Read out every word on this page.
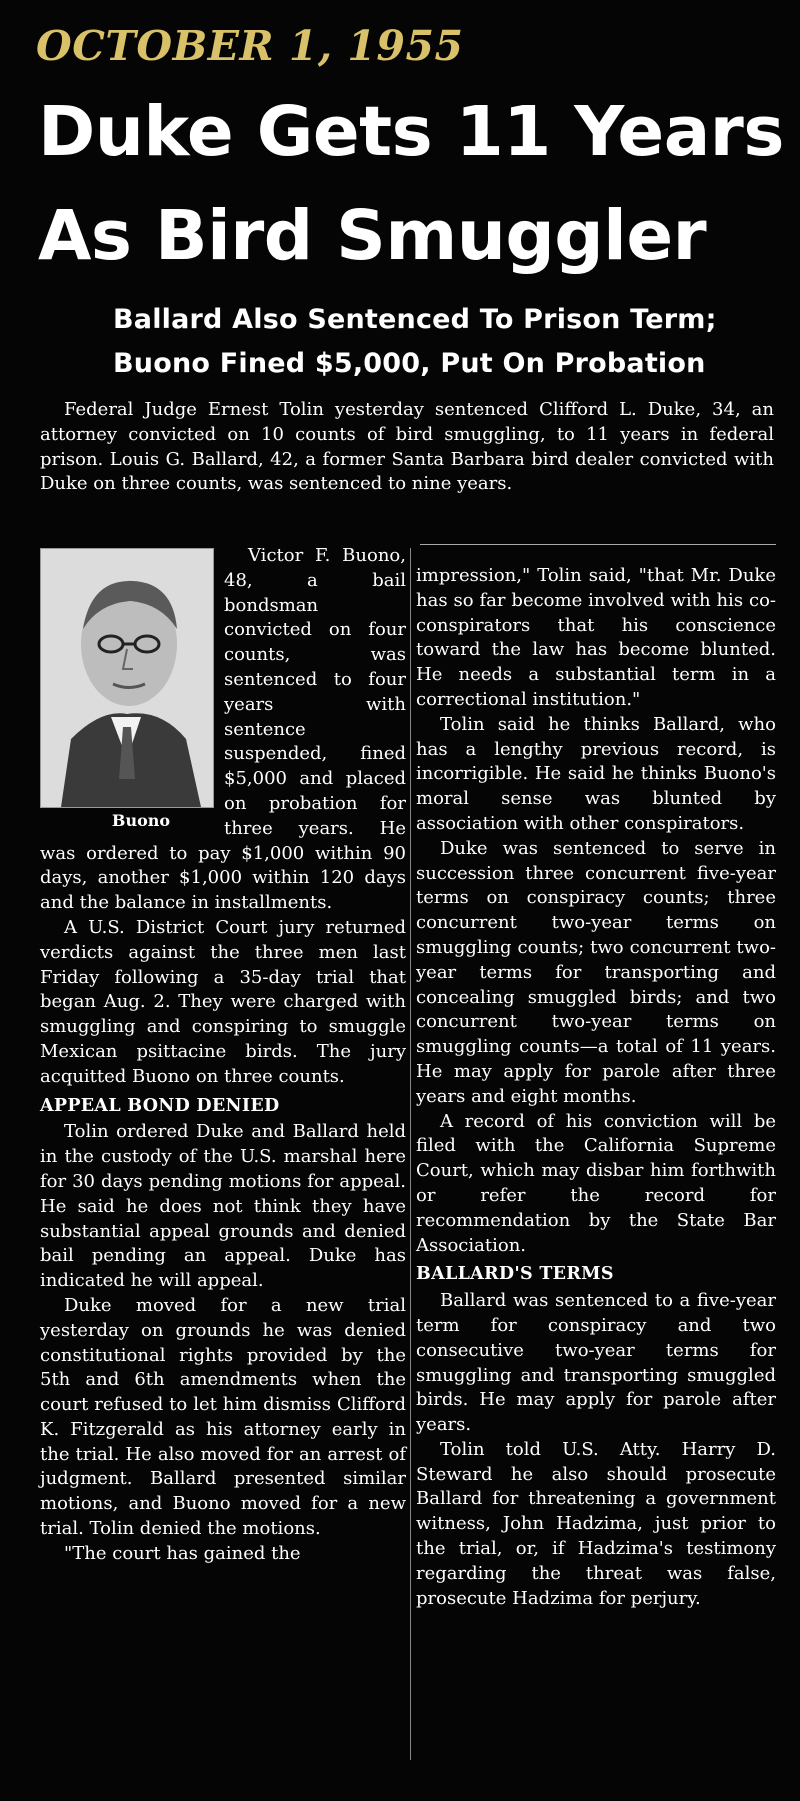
OCTOBER 1, 1955
Duke Gets 11 Years
As Bird Smuggler
Ballard Also Sentenced To Prison Term;
Buono Fined $5,000, Put On Probation

Federal Judge Ernest Tolin yesterday sentenced Clifford L. Duke, 34, an attorney convicted on 10 counts of bird smuggling, to 11 years in federal prison. Louis G. Ballard, 42, a former Santa Barbara bird dealer convicted with Duke on three counts, was sentenced to nine years.

Buono
Victor F. Buono, 48, a bail bondsman convicted on four counts, was sentenced to four years with sentence suspended, fined $5,000 and placed on probation for three years. He was ordered to pay $1,000 within 90 days, another $1,000 within 120 days and the balance in installments.

A U.S. District Court jury returned verdicts against the three men last Friday following a 35-day trial that began Aug. 2. They were charged with smuggling and conspiring to smuggle Mexican psittacine birds. The jury acquitted Buono on three counts.

APPEAL BOND DENIED

Tolin ordered Duke and Ballard held in the custody of the U.S. marshal here for 30 days pending motions for appeal. He said he does not think they have substantial appeal grounds and denied bail pending an appeal. Duke has indicated he will appeal.

Duke moved for a new trial yesterday on grounds he was denied constitutional rights provided by the 5th and 6th amendments when the court refused to let him dismiss Clifford K. Fitzgerald as his attorney early in the trial. He also moved for an arrest of judgment. Ballard presented similar motions, and Buono moved for a new trial. Tolin denied the motions.

"The court has gained the

impression," Tolin said, "that Mr. Duke has so far become involved with his co-conspirators that his conscience toward the law has become blunted. He needs a substantial term in a correctional institution."

Tolin said he thinks Ballard, who has a lengthy previous record, is incorrigible. He said he thinks Buono's moral sense was blunted by association with other conspirators.

Duke was sentenced to serve in succession three concurrent five-year terms on conspiracy counts; three concurrent two-year terms on smuggling counts; two concurrent two-year terms for transporting and concealing smuggled birds; and two concurrent two-year terms on smuggling counts—a total of 11 years. He may apply for parole after three years and eight months.

A record of his conviction will be filed with the California Supreme Court, which may disbar him forthwith or refer the record for recommendation by the State Bar Association.

BALLARD'S TERMS

Ballard was sentenced to a five-year term for conspiracy and two consecutive two-year terms for smuggling and transporting smuggled birds. He may apply for parole after years.

Tolin told U.S. Atty. Harry D. Steward he also should prosecute Ballard for threatening a government witness, John Hadzima, just prior to the trial, or, if Hadzima's testimony regarding the threat was false, prosecute Hadzima for perjury.
